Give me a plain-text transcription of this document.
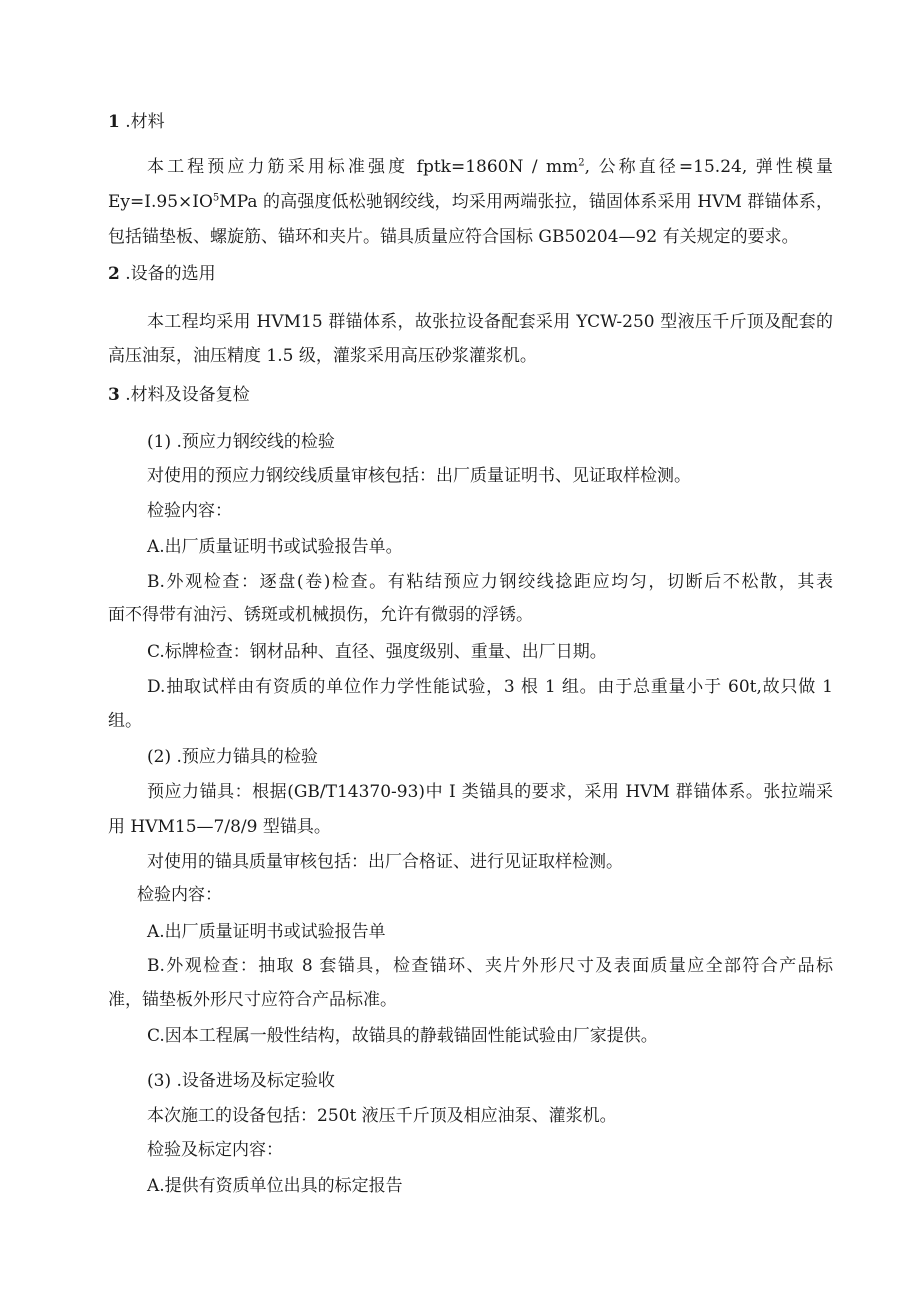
1 .材料
本工程预应力筋采用标准强度 fptk=1860N / $mm^2$, 公称直径=15.24, 弹性模量
$Ey=I.95\times IO^5MPa$ 的高强度低松驰钢绞线，均采用两端张拉，锚固体系采用 HVM 群锚体系，
包括锚垫板、螺旋筋、锚环和夹片。锚具质量应符合国标 GB50204—92 有关规定的要求。
2 .设备的选用
本工程均采用 HVM15 群锚体系，故张拉设备配套采用 YCW-250 型液压千斤顶及配套的
高压油泵，油压精度 1.5 级，灌浆采用高压砂浆灌浆机。
3 .材料及设备复检
(1) .预应力钢绞线的检验
对使用的预应力钢绞线质量审核包括：出厂质量证明书、见证取样检测。
检验内容：
A.出厂质量证明书或试验报告单。
B.外观检查：逐盘(卷)检查。有粘结预应力钢绞线捻距应均匀，切断后不松散，其表
面不得带有油污、锈斑或机械损伤，允许有微弱的浮锈。
C.标牌检查：钢材品种、直径、强度级别、重量、出厂日期。
D.抽取试样由有资质的单位作力学性能试验，3 根 1 组。由于总重量小于 60t,故只做 1
组。
(2) .预应力锚具的检验
预应力锚具：根据(GB/T14370-93)中 I 类锚具的要求，采用 HVM 群锚体系。张拉端采
用 HVM15—7/8/9 型锚具。
对使用的锚具质量审核包括：出厂合格证、进行见证取样检测。
检验内容：
A.出厂质量证明书或试验报告单
B.外观检查：抽取 8 套锚具，检查锚环、夹片外形尺寸及表面质量应全部符合产品标
准，锚垫板外形尺寸应符合产品标准。
C.因本工程属一般性结构，故锚具的静载锚固性能试验由厂家提供。
(3) .设备进场及标定验收
本次施工的设备包括：250t 液压千斤顶及相应油泵、灌浆机。
检验及标定内容：
A.提供有资质单位出具的标定报告
